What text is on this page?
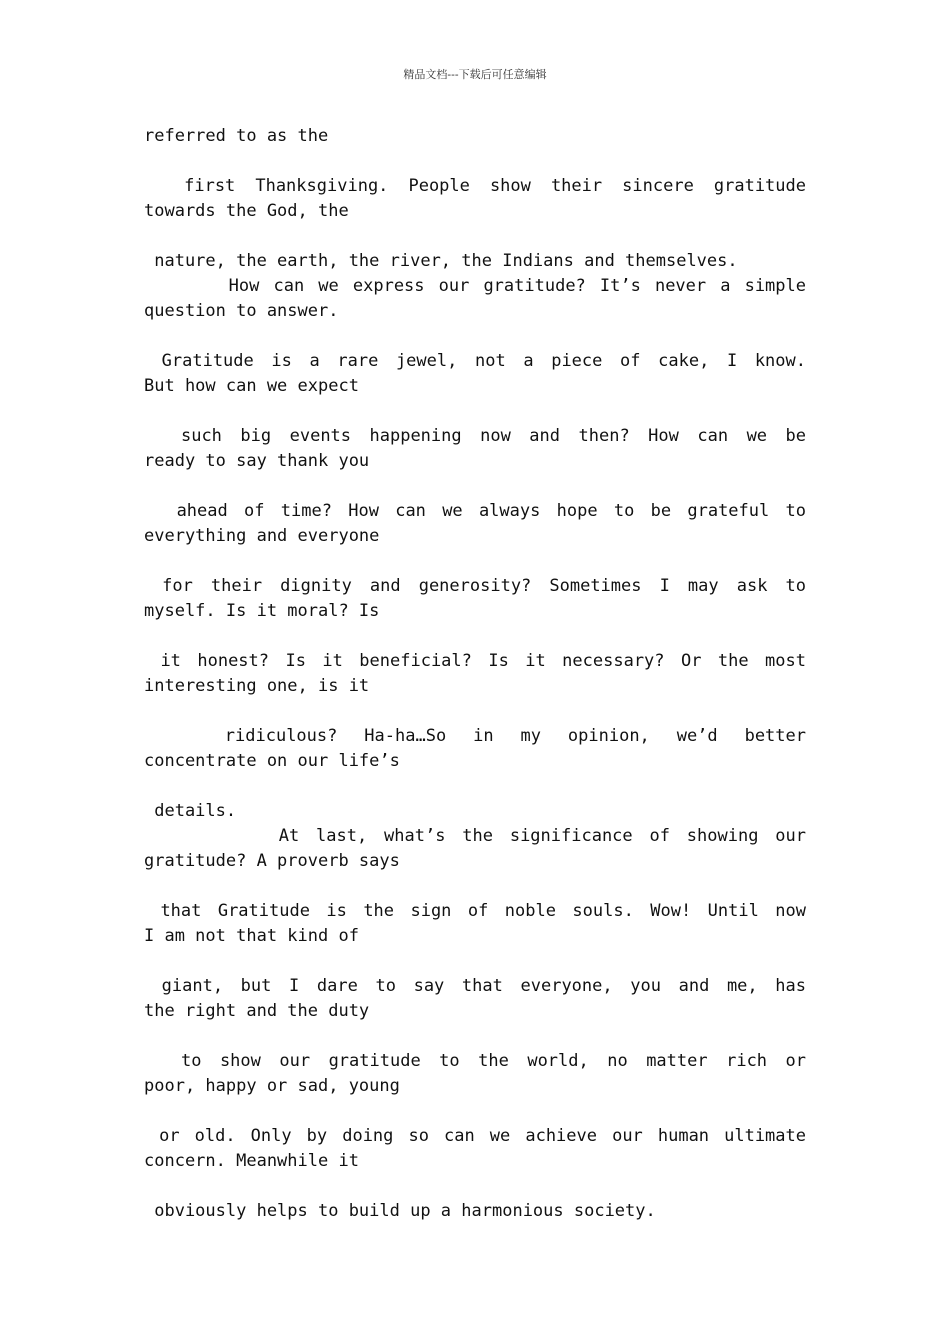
精品文档---下载后可任意编辑
referred to as the
first Thanksgiving. People show their sincere gratitude
towards the God, the
nature, the earth, the river, the Indians and themselves.
How can we express our gratitude? It’s never a simple
question to answer.
Gratitude is a rare jewel, not a piece of cake, I know.
But how can we expect
such big events happening now and then? How can we be
ready to say thank you
ahead of time? How can we always hope to be grateful to
everything and everyone
for their dignity and generosity? Sometimes I may ask to
myself. Is it moral? Is
it honest? Is it beneficial? Is it necessary? Or the most
interesting one, is it
ridiculous? Ha-ha…So in my opinion, we’d better
concentrate on our life’s
details.
At last, what’s the significance of showing our
gratitude? A proverb says
that Gratitude is the sign of noble souls. Wow! Until now
I am not that kind of
giant, but I dare to say that everyone, you and me, has
the right and the duty
to show our gratitude to the world, no matter rich or
poor, happy or sad, young
or old. Only by doing so can we achieve our human ultimate
concern. Meanwhile it
obviously helps to build up a harmonious society.
